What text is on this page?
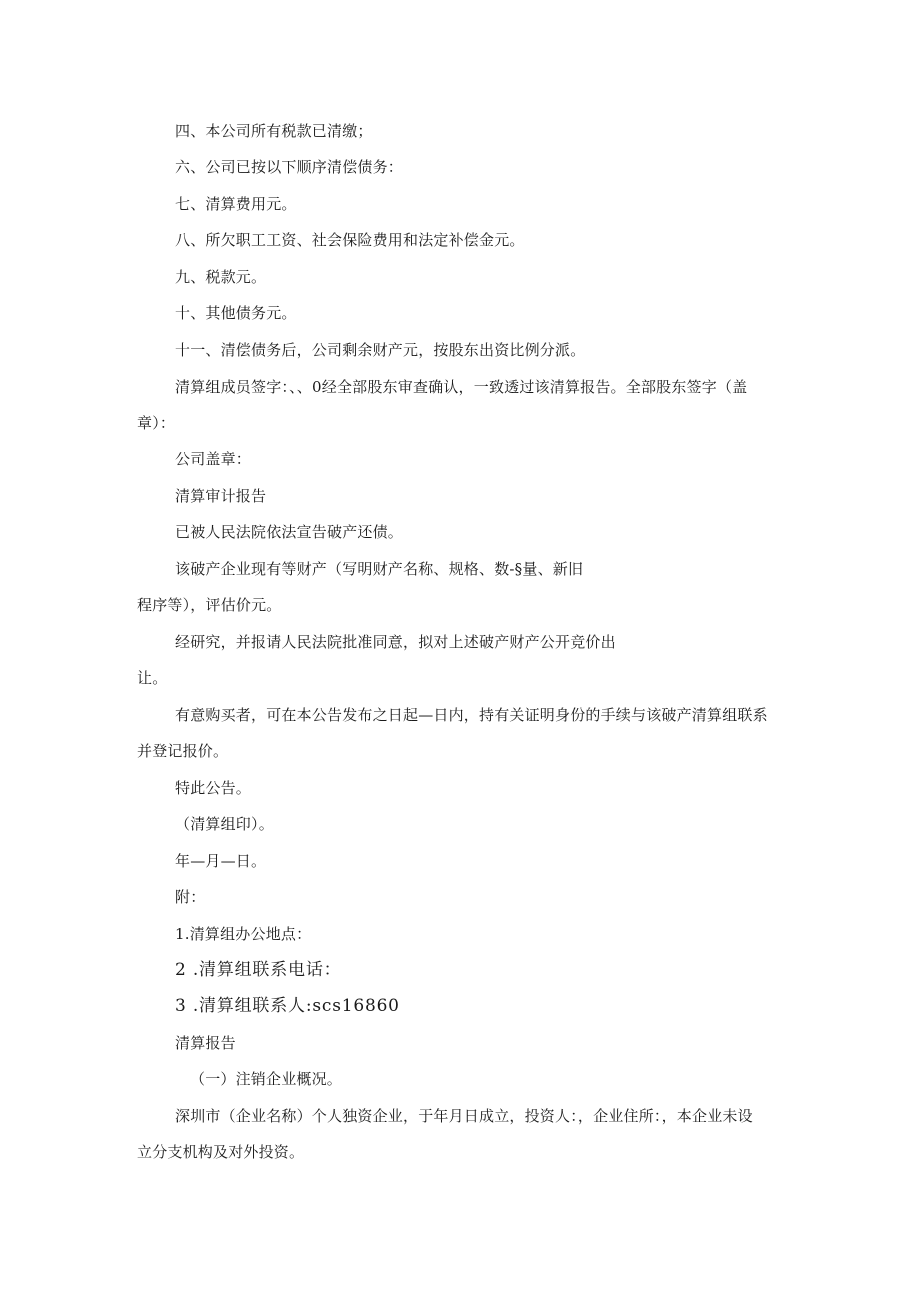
四、本公司所有税款已清缴；
六、公司已按以下顺序清偿债务：
七、清算费用元。
八、所欠职工工资、社会保险费用和法定补偿金元。
九、税款元。
十、其他债务元。
十一、清偿债务后，公司剩余财产元，按股东出资比例分派。
清算组成员签字：、、0经全部股东审查确认，一致透过该清算报告。全部股东签字（盖
章）：
公司盖章：
清算审计报告
已被人民法院依法宣告破产还债。
该破产企业现有等财产（写明财产名称、规格、数-§量、新旧
程序等），评估价元。
经研究，并报请人民法院批准同意，拟对上述破产财产公开竞价出
让。
有意购买者，可在本公告发布之日起—日内，持有关证明身份的手续与该破产清算组联系
并登记报价。
特此公告。
（清算组印）。
年—月—日。
附：
1.清算组办公地点：
2 .清算组联系电话：
3 .清算组联系人:scs16860
清算报告
（一）注销企业概况。
深圳市（企业名称）个人独资企业，于年月日成立，投资人：，企业住所：，本企业未设
立分支机构及对外投资。
